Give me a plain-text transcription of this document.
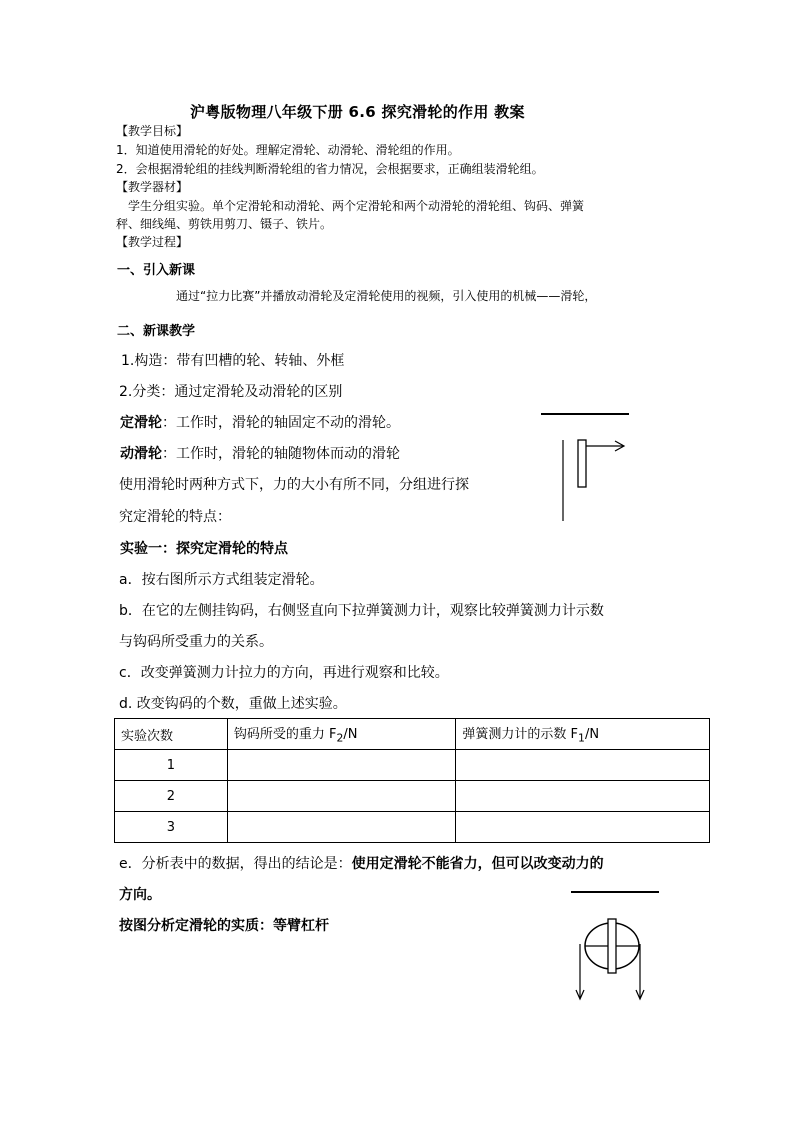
沪粤版物理八年级下册 6.6 探究滑轮的作用 教案
【教学目标】
1．知道使用滑轮的好处。理解定滑轮、动滑轮、滑轮组的作用。
2．会根据滑轮组的挂线判断滑轮组的省力情况，会根据要求，正确组装滑轮组。
【教学器材】
学生分组实验。单个定滑轮和动滑轮、两个定滑轮和两个动滑轮的滑轮组、钩码、弹簧
秤、细线绳、剪铁用剪刀、镊子、铁片。
【教学过程】
一、引入新课
通过“拉力比赛”并播放动滑轮及定滑轮使用的视频，引入使用的机械——滑轮，
二、新课教学
1.构造：带有凹槽的轮、转轴、外框
2.分类：通过定滑轮及动滑轮的区别
定滑轮：工作时，滑轮的轴固定不动的滑轮。
动滑轮：工作时，滑轮的轴随物体而动的滑轮
使用滑轮时两种方式下，力的大小有所不同，分组进行探
究定滑轮的特点：
实验一：探究定滑轮的特点
a．按右图所示方式组装定滑轮。
b．在它的左侧挂钩码，右侧竖直向下拉弹簧测力计，观察比较弹簧测力计示数
与钩码所受重力的关系。
c．改变弹簧测力计拉力的方向，再进行观察和比较。
d. 改变钩码的个数，重做上述实验。
实验次数	钩码所受的重力 $F_2/N$	弹簧测力计的示数 $F_1/N$
1		
2		
3		
e．分析表中的数据，得出的结论是：使用定滑轮不能省力，但可以改变动力的
方向。
按图分析定滑轮的实质：等臂杠杆
